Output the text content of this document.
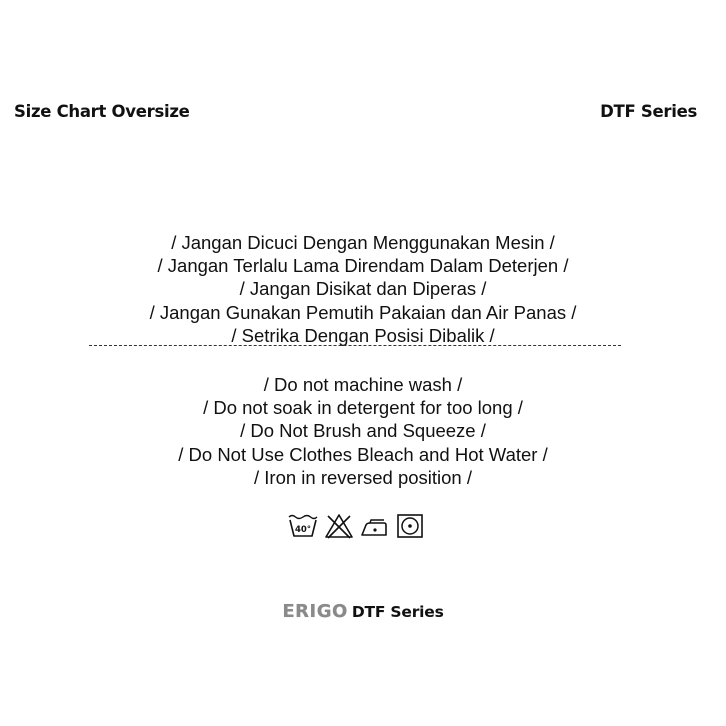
Size Chart Oversize	DTF Series
/ Jangan Dicuci Dengan Menggunakan Mesin /
/ Jangan Terlalu Lama Direndam Dalam Deterjen /
/ Jangan Disikat dan Diperas /
/ Jangan Gunakan Pemutih Pakaian dan Air Panas /
/ Setrika Dengan Posisi Dibalik /
/ Do not machine wash /
/ Do not soak in detergent for too long /
/ Do Not Brush and Squeeze /
/ Do Not Use Clothes Bleach and Hot Water /
/ Iron in reversed position /
40°
ERIGO DTF Series
